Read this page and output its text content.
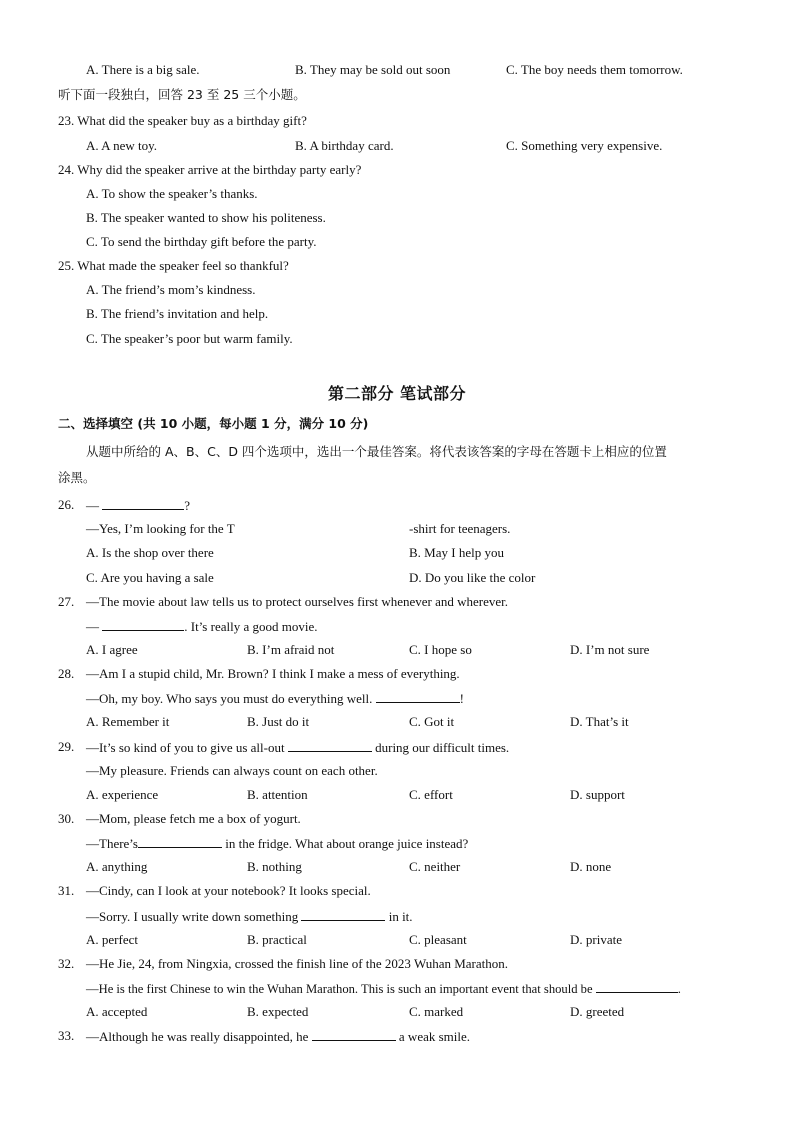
A. There is a big sale.	B. They may be sold out soon	C. The boy needs them tomorrow.
听下面一段独白，回答 23 至 25 三个小题。
23. What did the speaker buy as a birthday gift?
A. A new toy.	B. A birthday card.	C. Something very expensive.
24. Why did the speaker arrive at the birthday party early?
A. To show the speaker’s thanks.
B. The speaker wanted to show his politeness.
C. To send the birthday gift before the party.
25. What made the speaker feel so thankful?
A. The friend’s mom’s kindness.
B. The friend’s invitation and help.
C. The speaker’s poor but warm family.
第二部分 笔试部分
二、选择填空 (共 10 小题，每小题 1 分，满分 10 分)
从题中所给的 A、B、C、D 四个选项中，选出一个最佳答案。将代表该答案的字母在答题卡上相应的位置
涂黑。
26. —	?
—Yes, I’m looking for the T	-shirt for teenagers.
A. Is the shop over there	B. May I help you
C. Are you having a sale	D. Do you like the color
27. —The movie about law tells us to protect ourselves first whenever and wherever.
—	. It’s really a good movie.
A. I agree	B. I’m afraid not	C. I hope so	D. I’m not sure
28. —Am I a stupid child, Mr. Brown? I think I make a mess of everything.
—Oh, my boy. Who says you must do everything well.	!
A. Remember it	B. Just do it	C. Got it	D. That’s it
29. —It’s so kind of you to give us all-out	during our difficult times.
—My pleasure. Friends can always count on each other.
A. experience	B. attention	C. effort	D. support
30. —Mom, please fetch me a box of yogurt.
—There’s	in the fridge. What about orange juice instead?
A. anything	B. nothing	C. neither	D. none
31. —Cindy, can I look at your notebook? It looks special.
—Sorry. I usually write down something	in it.
A. perfect	B. practical	C. pleasant	D. private
32. —He Jie, 24, from Ningxia, crossed the finish line of the 2023 Wuhan Marathon.
—He is the first Chinese to win the Wuhan Marathon. This is such an important event that should be	.
A. accepted	B. expected	C. marked	D. greeted
33. —Although he was really disappointed, he	a weak smile.
